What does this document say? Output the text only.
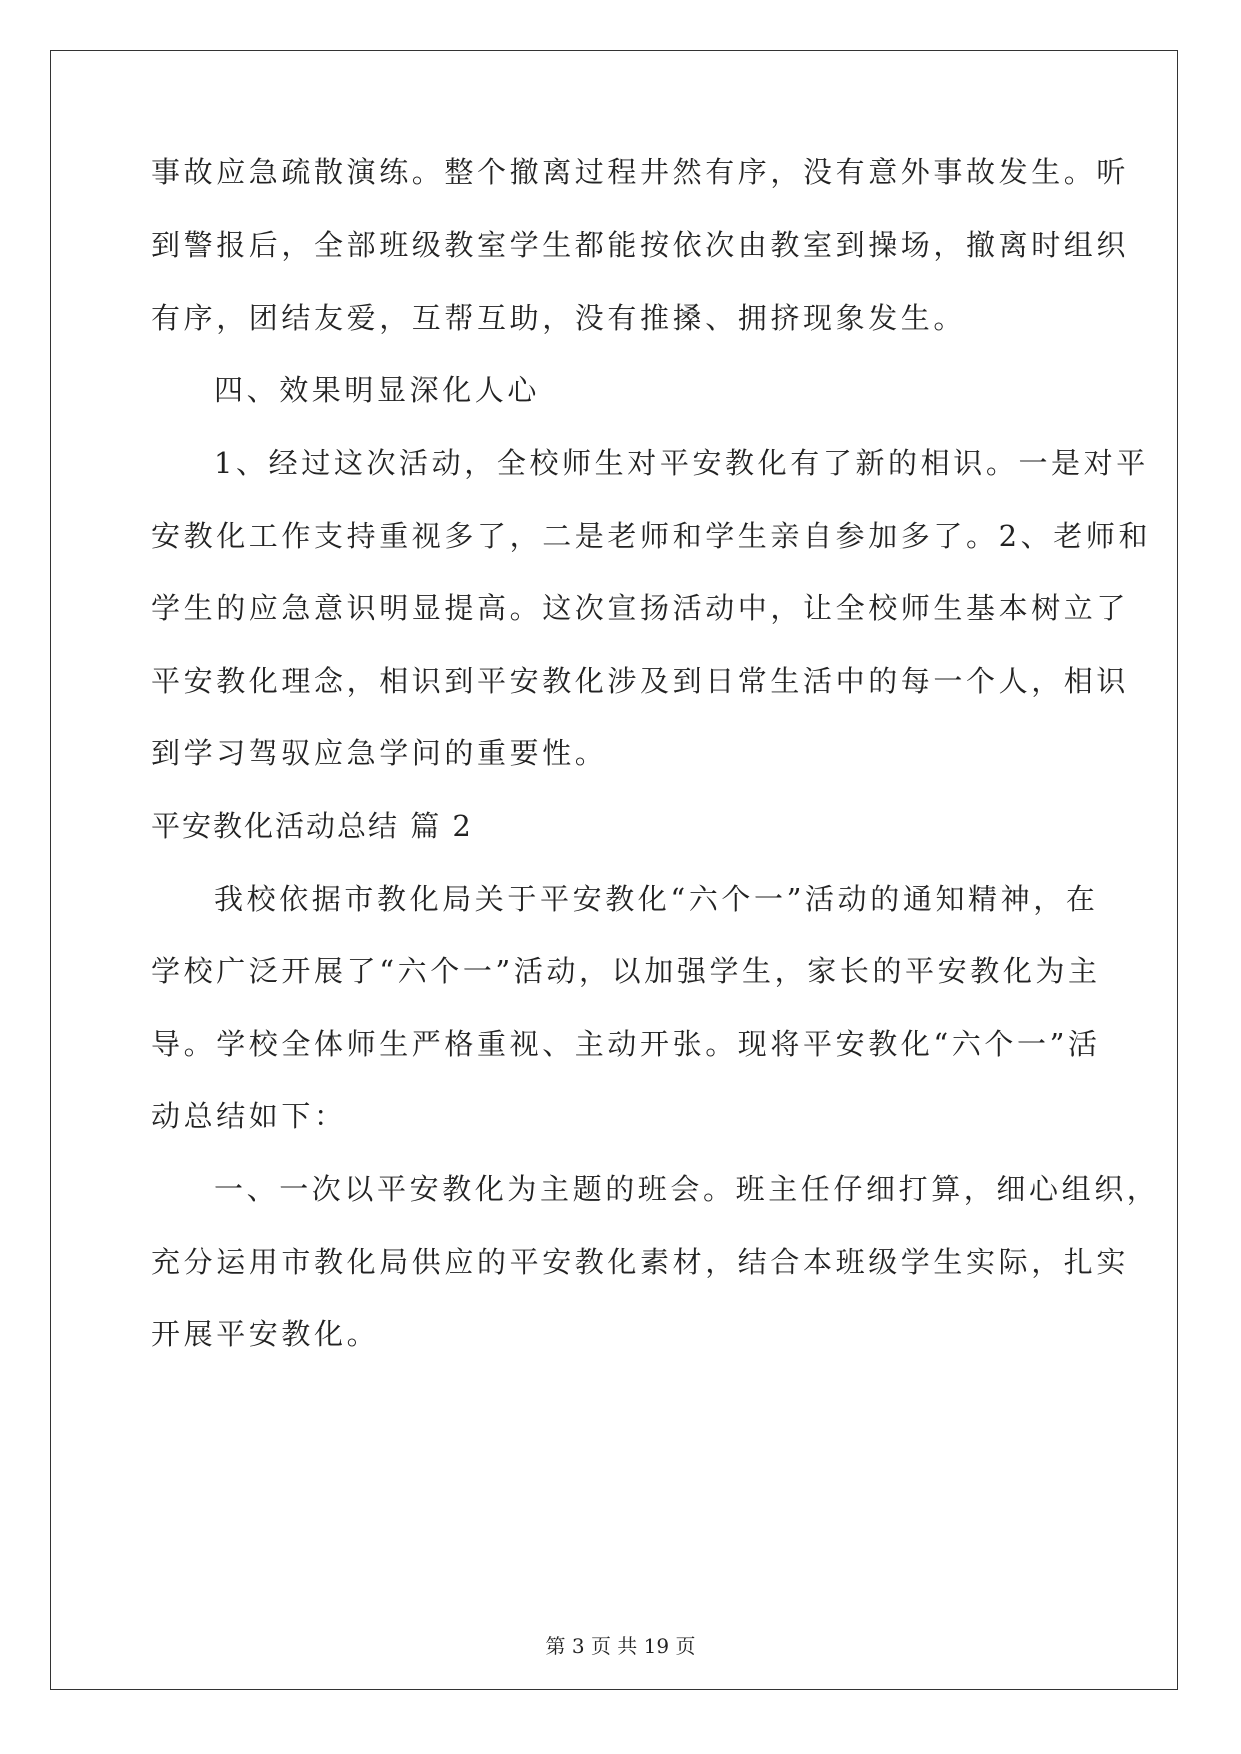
事故应急疏散演练。整个撤离过程井然有序，没有意外事故发生。听
到警报后，全部班级教室学生都能按依次由教室到操场，撤离时组织
有序，团结友爱，互帮互助，没有推搡、拥挤现象发生。
四、效果明显深化人心
1、经过这次活动，全校师生对平安教化有了新的相识。一是对平
安教化工作支持重视多了，二是老师和学生亲自参加多了。2、老师和
学生的应急意识明显提高。这次宣扬活动中，让全校师生基本树立了
平安教化理念，相识到平安教化涉及到日常生活中的每一个人，相识
到学习驾驭应急学问的重要性。
平安教化活动总结 篇 2
我校依据市教化局关于平安教化“六个一”活动的通知精神，在
学校广泛开展了“六个一”活动，以加强学生，家长的平安教化为主
导。学校全体师生严格重视、主动开张。现将平安教化“六个一”活
动总结如下：
一、一次以平安教化为主题的班会。班主任仔细打算，细心组织，
充分运用市教化局供应的平安教化素材，结合本班级学生实际，扎实
开展平安教化。
第 3 页 共 19 页
